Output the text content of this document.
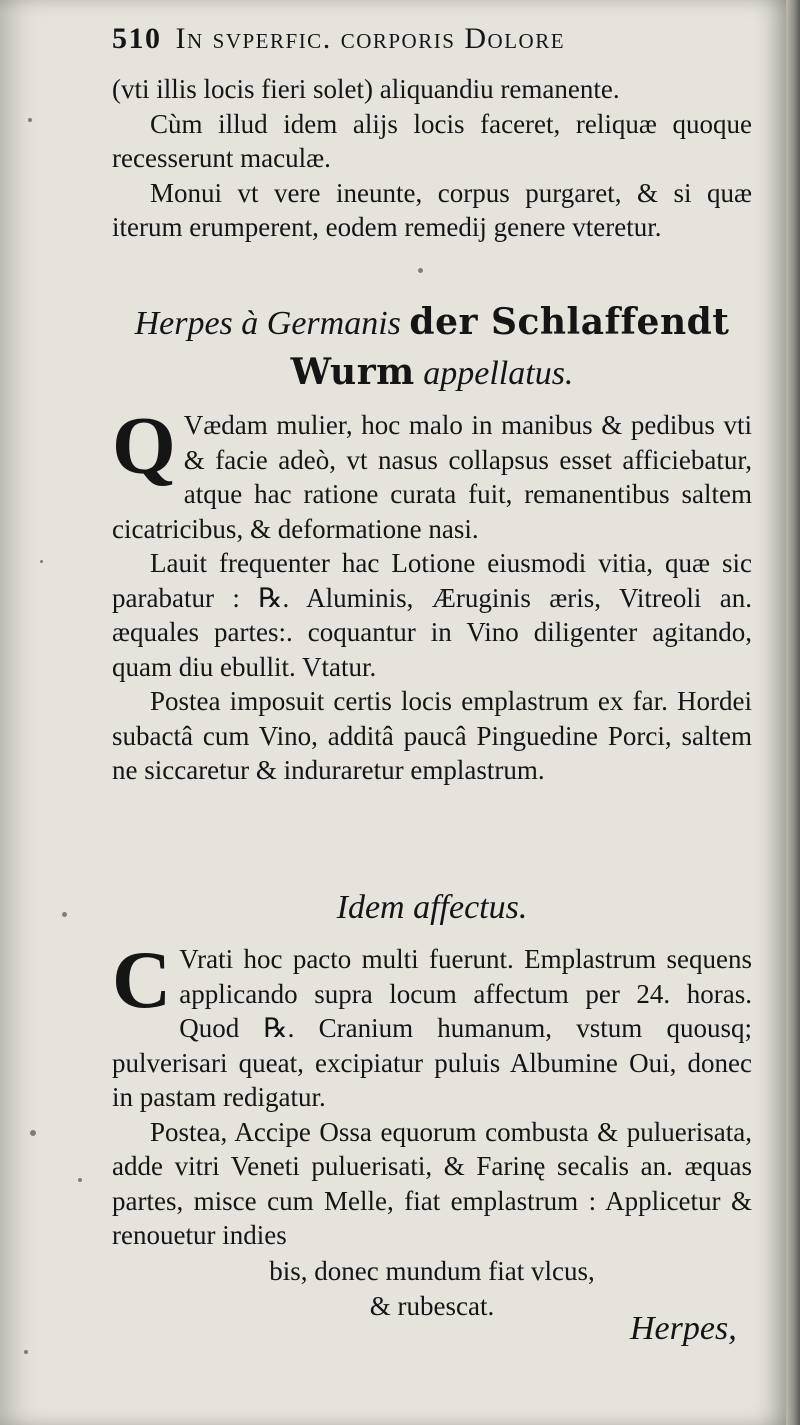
510 In svperfic. corporis Dolore

(vti illis locis fieri solet) aliquandiu remanente.

Cùm illud idem alijs locis faceret, reliquæ quoque recesserunt maculæ.

Monui vt vere ineunte, corpus purgaret, & si quæ iterum erumperent, eodem remedij genere vteretur.

Herpes à Germanis der Schlaffendt
Wurm appellatus.
Q Vædam mulier, hoc malo in manibus & pedibus vti & facie adeò, vt nasus collapsus esset afficiebatur, atque hac ratione curata fuit, remanentibus saltem cicatricibus, & deformatione nasi.

Lauit frequenter hac Lotione eiusmodi vitia, quæ sic parabatur : ℞. Aluminis, Æruginis æris, Vitreoli an. æquales partes:. coquantur in Vino diligenter agitando, quam diu ebullit. Vtatur.

Postea imposuit certis locis emplastrum ex far. Hordei subactâ cum Vino, additâ paucâ Pinguedine Porci, saltem ne siccaretur & induraretur emplastrum.

Idem affectus.
C Vrati hoc pacto multi fuerunt. Emplastrum sequens applicando supra locum affectum per 24. horas. Quod ℞. Cranium humanum, vstum quousq; pulverisari queat, excipiatur puluis Albumine Oui, donec in pastam redigatur.

Postea, Accipe Ossa equorum combusta & puluerisata, adde vitri Veneti puluerisati, & Farinę secalis an. æquas partes, misce cum Melle, fiat emplastrum : Applicetur & renouetur indies

bis, donec mundum fiat vlcus,
& rubescat.
Herpes,
